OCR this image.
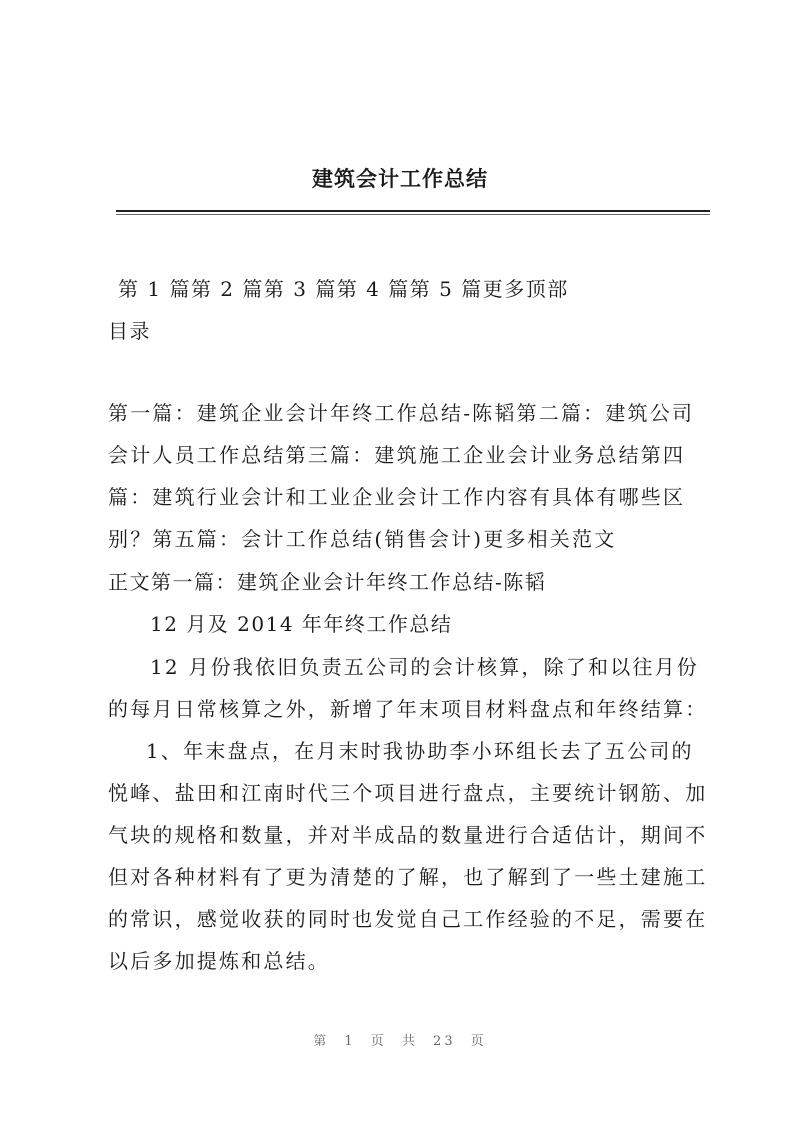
建筑会计工作总结
第 1 篇第 2 篇第 3 篇第 4 篇第 5 篇更多顶部
目录
第一篇：建筑企业会计年终工作总结-陈韬第二篇：建筑公司会计人员工作总结第三篇：建筑施工企业会计业务总结第四篇：建筑行业会计和工业企业会计工作内容有具体有哪些区别？第五篇：会计工作总结(销售会计)更多相关范文
正文第一篇：建筑企业会计年终工作总结-陈韬
12 月及 2014 年年终工作总结
12 月份我依旧负责五公司的会计核算，除了和以往月份的每月日常核算之外，新增了年末项目材料盘点和年终结算：
1、年末盘点，在月末时我协助李小环组长去了五公司的悦峰、盐田和江南时代三个项目进行盘点，主要统计钢筋、加气块的规格和数量，并对半成品的数量进行合适估计，期间不但对各种材料有了更为清楚的了解，也了解到了一些土建施工的常识，感觉收获的同时也发觉自己工作经验的不足，需要在以后多加提炼和总结。
第 1 页 共 23 页
